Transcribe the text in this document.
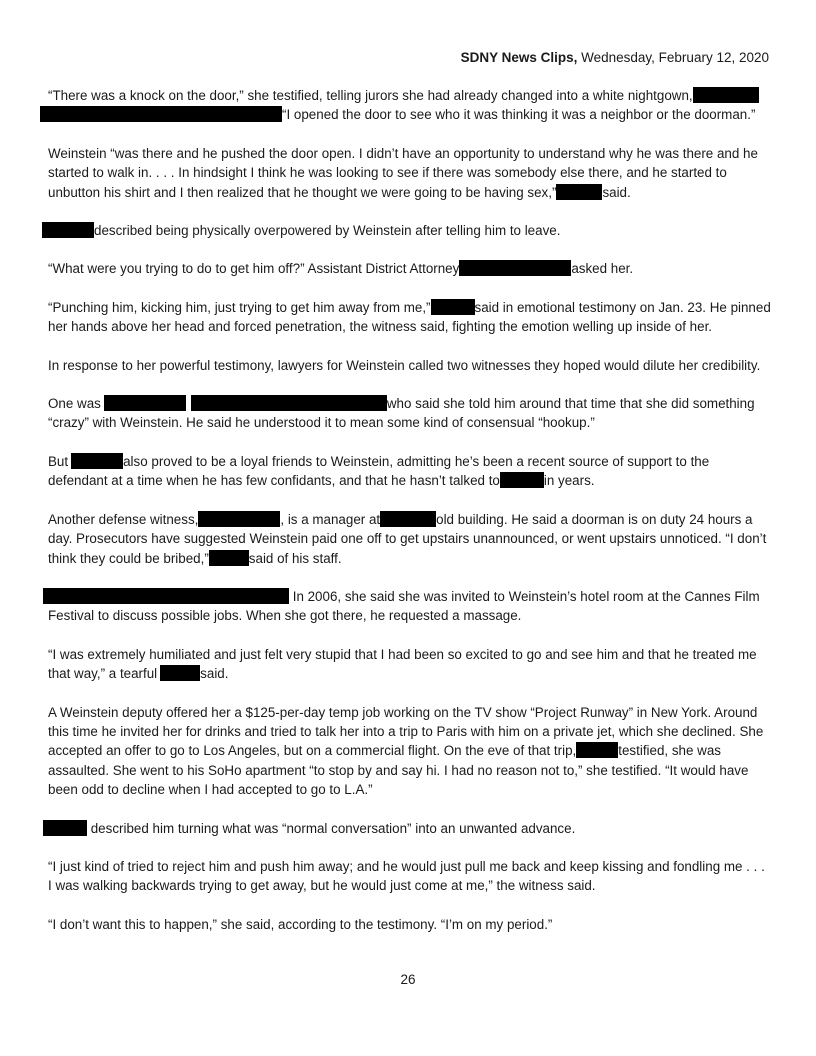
SDNY News Clips, Wednesday, February 12, 2020

“There was a knock on the door,” she testified, telling jurors she had already changed into a white nightgown,
“I opened the door to see who it was thinking it was a neighbor or the doorman.”

Weinstein “was there and he pushed the door open. I didn’t have an opportunity to understand why he was there and he started to walk in. . . . In hindsight I think he was looking to see if there was somebody else there, and he started to unbutton his shirt and I then realized that he thought we were going to be having sex,”	said.

described being physically overpowered by Weinstein after telling him to leave.

“What were you trying to do to get him off?” Assistant District Attorney	asked her.

“Punching him, kicking him, just trying to get him away from me,”	said in emotional testimony on Jan. 23. He pinned her hands above her head and forced penetration, the witness said, fighting the emotion welling up inside of her.

In response to her powerful testimony, lawyers for Weinstein called two witnesses they hoped would dilute her credibility.

One was	who said she told him around that time that she did something “crazy” with Weinstein. He said he understood it to mean some kind of consensual “hookup.”

But	also proved to be a loyal friends to Weinstein, admitting he’s been a recent source of support to the defendant at a time when he has few confidants, and that he hasn’t talked to	in years.

Another defense witness,	, is a manager at	old building. He said a doorman is on duty 24 hours a day. Prosecutors have suggested Weinstein paid one off to get upstairs unannounced, or went upstairs unnoticed. “I don’t think they could be bribed,”	said of his staff.

In 2006, she said she was invited to Weinstein’s hotel room at the Cannes Film Festival to discuss possible jobs. When she got there, he requested a massage.

“I was extremely humiliated and just felt very stupid that I had been so excited to go and see him and that he treated me that way,” a tearful	said.

A Weinstein deputy offered her a $125-per-day temp job working on the TV show “Project Runway” in New York. Around this time he invited her for drinks and tried to talk her into a trip to Paris with him on a private jet, which she declined. She accepted an offer to go to Los Angeles, but on a commercial flight. On the eve of that trip,	testified, she was assaulted. She went to his SoHo apartment “to stop by and say hi. I had no reason not to,” she testified. “It would have been odd to decline when I had accepted to go to L.A.”

described him turning what was “normal conversation” into an unwanted advance.

“I just kind of tried to reject him and push him away; and he would just pull me back and keep kissing and fondling me . . . I was walking backwards trying to get away, but he would just come at me,” the witness said.

“I don’t want this to happen,” she said, according to the testimony. “I’m on my period.”

26
